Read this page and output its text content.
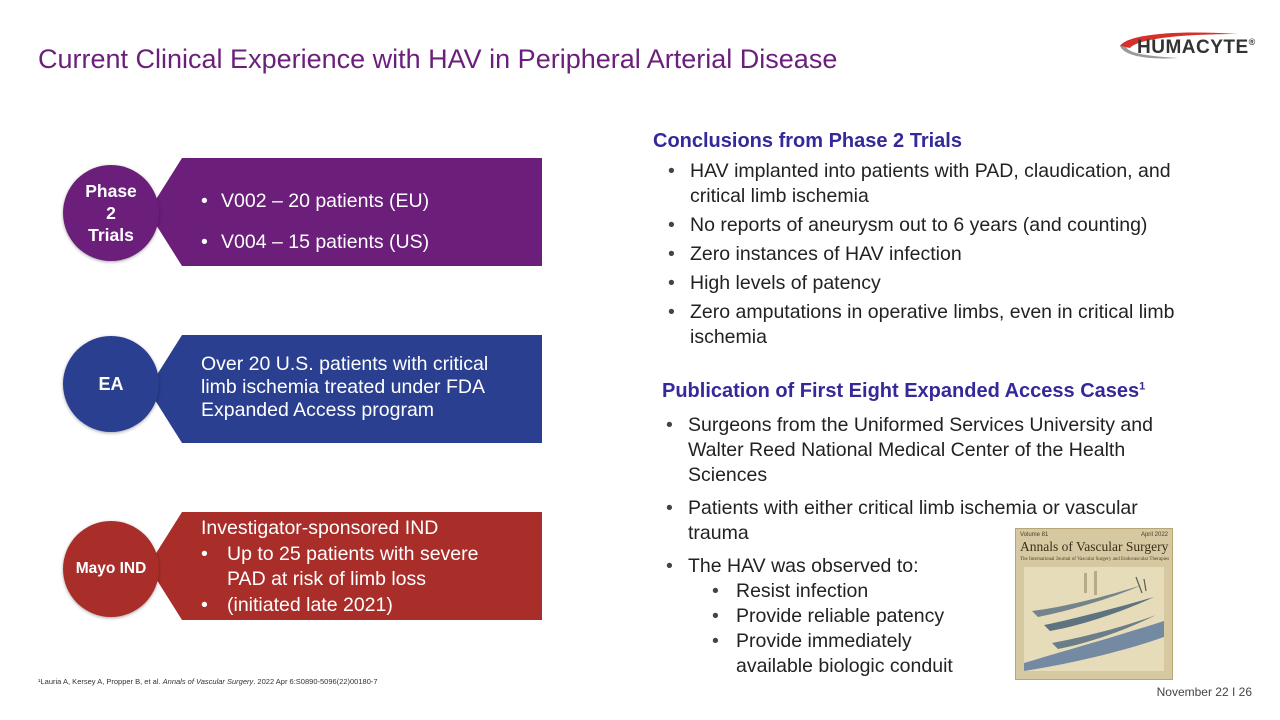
Current Clinical Experience with HAV in Peripheral Arterial Disease	HUMACYTE®
• V002 – 20 patients (EU)
• V004 – 15 patients (US)
Phase
2
Trials
Over 20 U.S. patients with critical
limb ischemia treated under FDA
Expanded Access program
EA
Investigator-sponsored IND
• Up to 25 patients with severe
PAD at risk of limb loss
• (initiated late 2021)
Mayo IND
Conclusions from Phase 2 Trials
• HAV implanted into patients with PAD, claudication, and
critical limb ischemia
• No reports of aneurysm out to 6 years (and counting)
• Zero instances of HAV infection
• High levels of patency
• Zero amputations in operative limbs, even in critical limb
ischemia
Publication of First Eight Expanded Access Cases$^1$
• Surgeons from the Uniformed Services University and
Walter Reed National Medical Center of the Health
Sciences
• Patients with either critical limb ischemia or vascular
trauma
• The HAV was observed to:
• Resist infection
• Provide reliable patency
• Provide immediately
available biologic conduit
Volume 81	April 2022
Annals of Vascular Surgery
The International Journal of Vascular Surgery and Endovascular Therapies
¹Lauria A, Kersey A, Propper B, et al. Annals of Vascular Surgery. 2022 Apr 6:S0890-5096(22)00180-7
November 22 I 26
